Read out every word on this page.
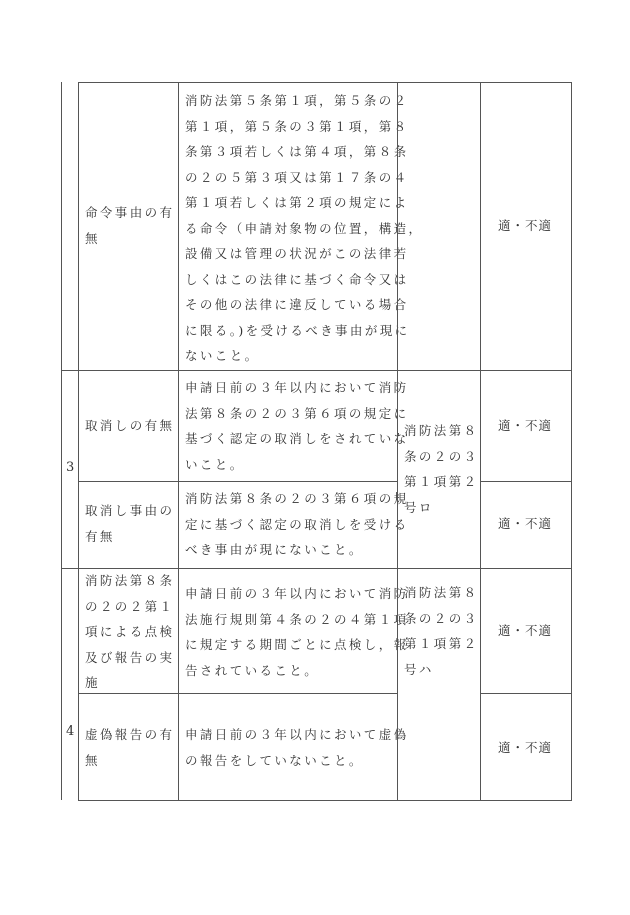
命令事由の有
無
消防法第５条第１項，第５条の２
第１項，第５条の３第１項，第８
条第３項若しくは第４項，第８条
の２の５第３項又は第１７条の４
第１項若しくは第２項の規定によ
る命令（申請対象物の位置，構造，
設備又は管理の状況がこの法律若
しくはこの法律に基づく命令又は
その他の法律に違反している場合
に限る。)を受けるべき事由が現に
ないこと。
適・不適
3
取消しの有無
申請日前の３年以内において消防
法第８条の２の３第６項の規定に
基づく認定の取消しをされていな
いこと。
取消し事由の
有無
消防法第８条の２の３第６項の規
定に基づく認定の取消しを受ける
べき事由が現にないこと。
消防法第８
条の２の３
第１項第２
号ロ
適・不適
適・不適
4
消防法第８条
の２の２第１
項による点検
及び報告の実
施
申請日前の３年以内において消防
法施行規則第４条の２の４第１項
に規定する期間ごとに点検し，報
告されていること。
虚偽報告の有
無
申請日前の３年以内において虚偽
の報告をしていないこと。
消防法第８
条の２の３
第１項第２
号ハ
適・不適
適・不適
